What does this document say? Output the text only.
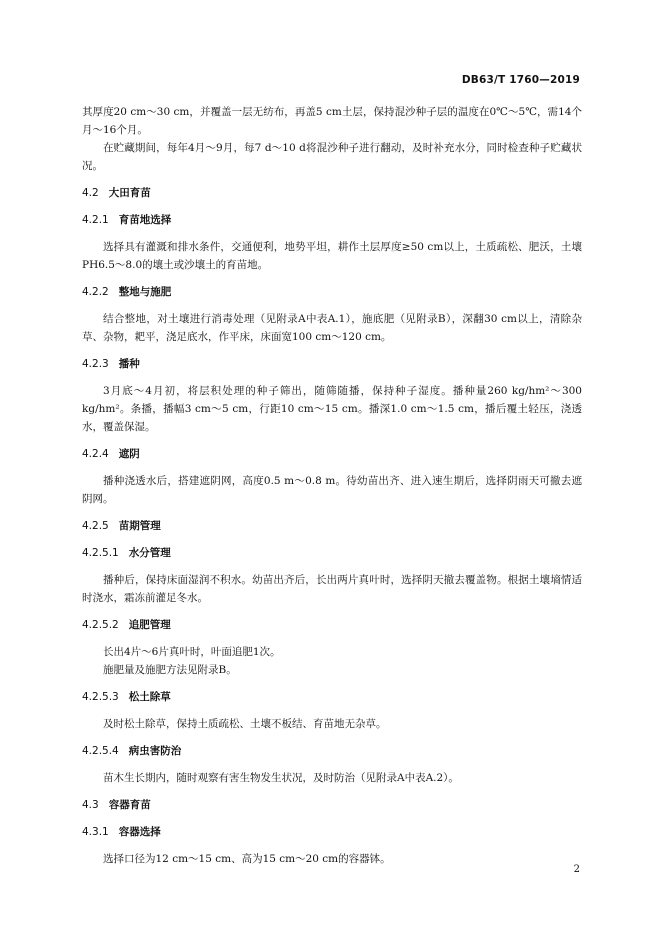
DB63/T 1760—2019

其厚度20 cm～30 cm，并覆盖一层无纺布，再盖5 cm土层，保持混沙种子层的温度在0℃～5℃，需14个月～16个月。

在贮藏期间，每年4月～9月，每7 d～10 d将混沙种子进行翻动，及时补充水分，同时检查种子贮藏状况。

4.2 大田育苗
4.2.1 育苗地选择

选择具有灌溉和排水条件，交通便利，地势平坦，耕作土层厚度≥50 cm以上，土质疏松、肥沃，土壤PH6.5～8.0的壤土或沙壤土的育苗地。

4.2.2 整地与施肥

结合整地，对土壤进行消毒处理（见附录A中表A.1），施底肥（见附录B），深翻30 cm以上，清除杂草、杂物，耙平，浇足底水，作平床，床面宽100 cm～120 cm。

4.2.3 播种

3月底～4月初，将层积处理的种子筛出，随筛随播，保持种子湿度。播种量260 kg/hm²～300 kg/hm²。条播，播幅3 cm～5 cm，行距10 cm～15 cm。播深1.0 cm～1.5 cm，播后覆土轻压，浇透水，覆盖保湿。

4.2.4 遮阴

播种浇透水后，搭建遮阴网，高度0.5 m～0.8 m。待幼苗出齐、进入速生期后，选择阴雨天可撤去遮阴网。

4.2.5 苗期管理
4.2.5.1 水分管理

播种后，保持床面湿润不积水。幼苗出齐后，长出两片真叶时，选择阴天撤去覆盖物。根据土壤墒情适时浇水，霜冻前灌足冬水。

4.2.5.2 追肥管理

长出4片～6片真叶时，叶面追肥1次。

施肥量及施肥方法见附录B。

4.2.5.3 松土除草

及时松土除草，保持土质疏松、土壤不板结、育苗地无杂草。

4.2.5.4 病虫害防治

苗木生长期内，随时观察有害生物发生状况，及时防治（见附录A中表A.2）。

4.3 容器育苗
4.3.1 容器选择

选择口径为12 cm～15 cm、高为15 cm～20 cm的容器钵。

2
